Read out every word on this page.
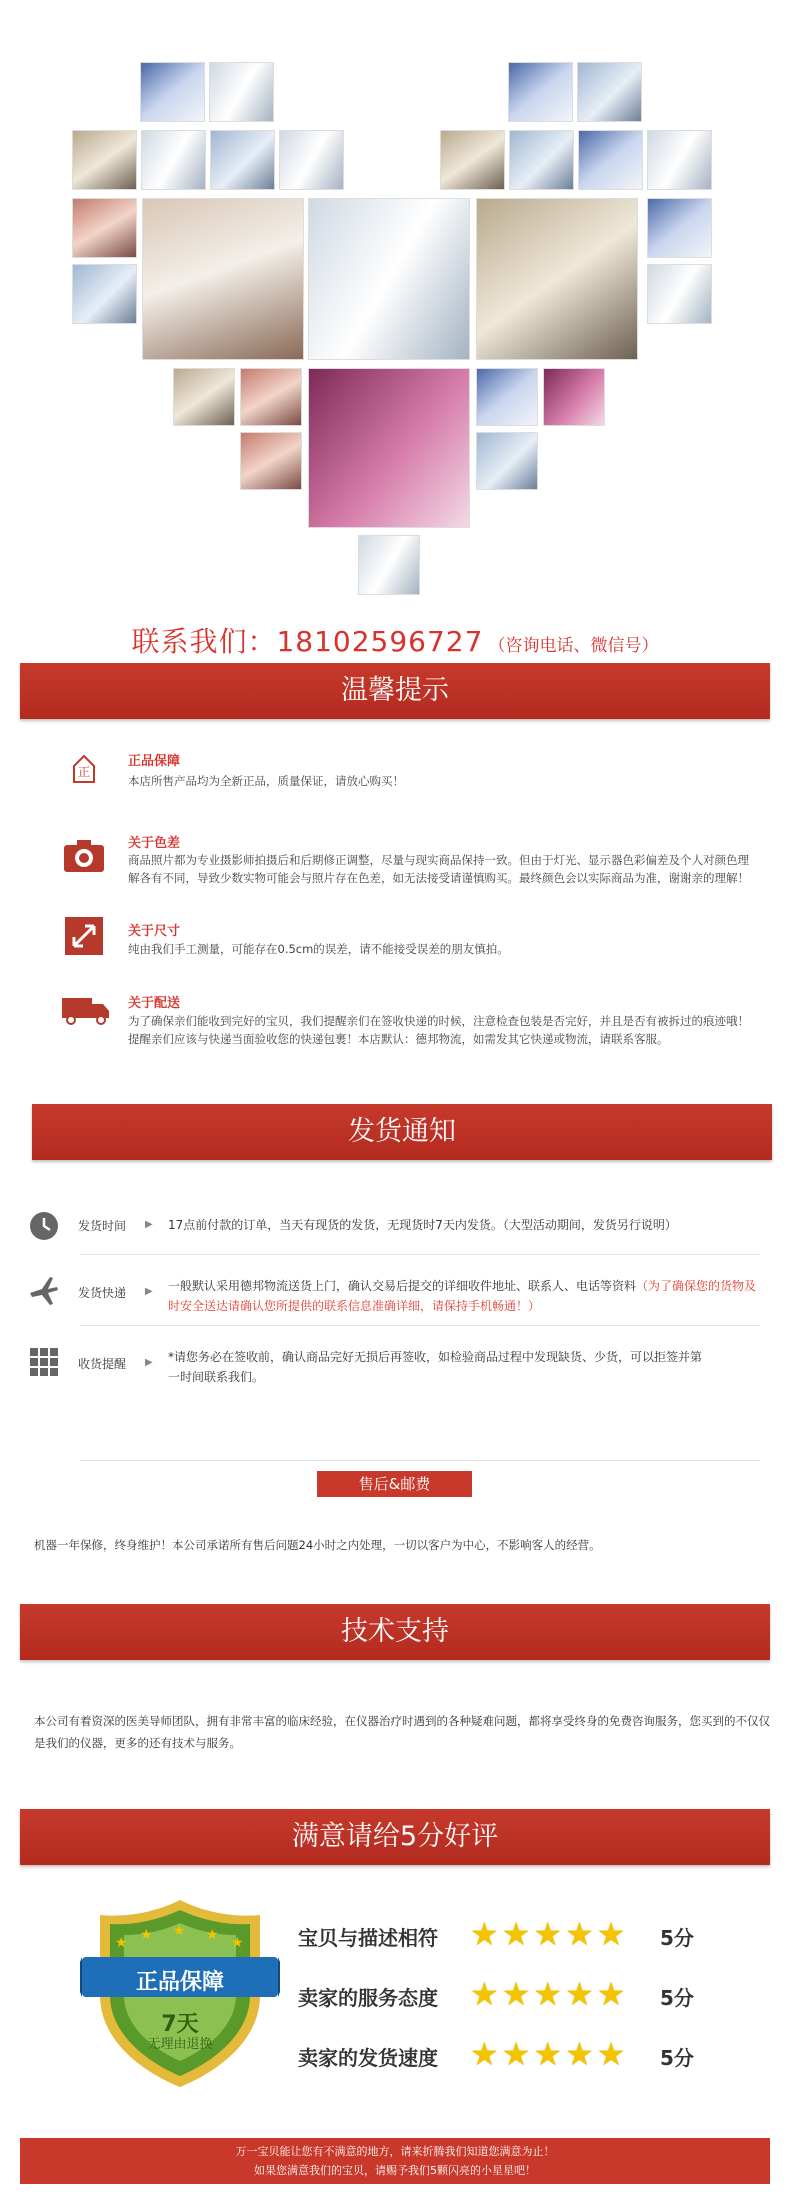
联系我们：18102596727 （咨询电话、微信号）
温馨提示
正
正品保障
本店所售产品均为全新正品，质量保证，请放心购买！
关于色差
商品照片都为专业摄影师拍摄后和后期修正调整，尽量与现实商品保持一致。但由于灯光、显示器色彩偏差及个人对颜色理解各有不同，导致少数实物可能会与照片存在色差，如无法接受请谨慎购买。最终颜色会以实际商品为准，谢谢亲的理解！
关于尺寸
纯由我们手工测量，可能存在0.5cm的误差，请不能接受误差的朋友慎拍。
关于配送
为了确保亲们能收到完好的宝贝，我们提醒亲们在签收快递的时候，注意检查包装是否完好，并且是否有被拆过的痕迹哦！提醒亲们应该与快递当面验收您的快递包裹！本店默认：德邦物流，如需发其它快递或物流，请联系客服。
发货通知
发货时间 ▶ 17点前付款的订单，当天有现货的发货，无现货时7天内发货。（大型活动期间，发货另行说明）
发货快递 ▶ 一般默认采用德邦物流送货上门，确认交易后提交的详细收件地址、联系人、电话等资料（为了确保您的货物及时安全送达请确认您所提供的联系信息准确详细，请保持手机畅通！）
收货提醒 ▶ *请您务必在签收前，确认商品完好无损后再签收，如检验商品过程中发现缺货、少货，可以拒签并第一时间联系我们。
售后&邮费
机器一年保修，终身维护！本公司承诺所有售后问题24小时之内处理，一切以客户为中心，不影响客人的经营。
技术支持
本公司有着资深的医美导师团队，拥有非常丰富的临床经验，在仪器治疗时遇到的各种疑难问题，都将享受终身的免费咨询服务，您买到的不仅仅是我们的仪器，更多的还有技术与服务。
满意请给5分好评
★ ★ ★ ★ ★
正品保障
7天
无理由退换
宝贝与描述相符 ★ ★ ★ ★ ★ 5分
卖家的服务态度 ★ ★ ★ ★ ★ 5分
卖家的发货速度 ★ ★ ★ ★ ★ 5分
万一宝贝能让您有不满意的地方，请来折腾我们知道您满意为止！
如果您满意我们的宝贝，请赐予我们5颗闪亮的小星星吧！
